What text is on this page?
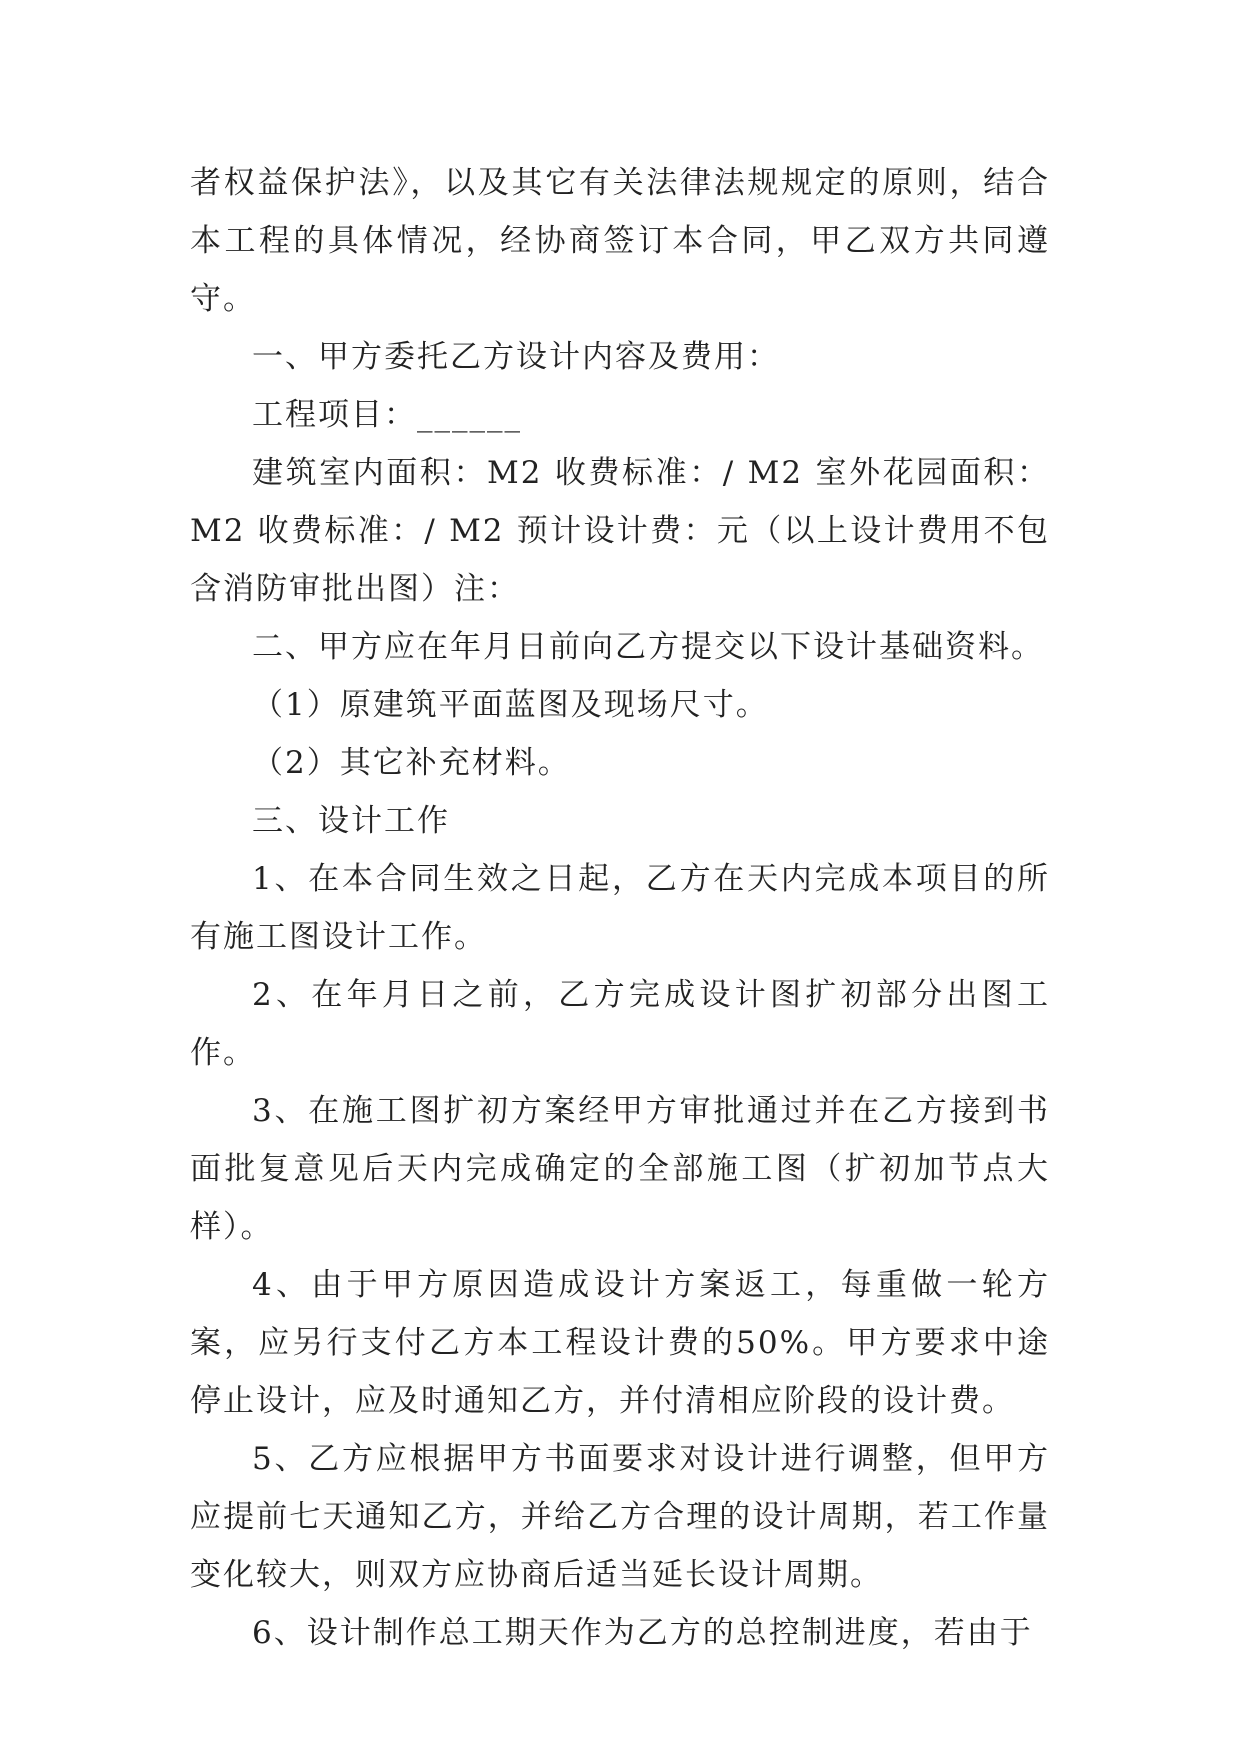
者权益保护法》，以及其它有关法律法规规定的原则，结合本工程的具体情况，经协商签订本合同，甲乙双方共同遵守。

一、甲方委托乙方设计内容及费用：

工程项目：______

建筑室内面积：M2 收费标准：/ M2 室外花园面积：M2 收费标准：/ M2 预计设计费：元（以上设计费用不包含消防审批出图）注：

二、甲方应在年月日前向乙方提交以下设计基础资料。

（1）原建筑平面蓝图及现场尺寸。

（2）其它补充材料。

三、设计工作

1、在本合同生效之日起，乙方在天内完成本项目的所有施工图设计工作。

2、在年月日之前，乙方完成设计图扩初部分出图工作。

3、在施工图扩初方案经甲方审批通过并在乙方接到书面批复意见后天内完成确定的全部施工图（扩初加节点大样）。

4、由于甲方原因造成设计方案返工，每重做一轮方案，应另行支付乙方本工程设计费的50%。甲方要求中途停止设计，应及时通知乙方，并付清相应阶段的设计费。

5、乙方应根据甲方书面要求对设计进行调整，但甲方应提前七天通知乙方，并给乙方合理的设计周期，若工作量变化较大，则双方应协商后适当延长设计周期。

6、设计制作总工期天作为乙方的总控制进度，若由于
